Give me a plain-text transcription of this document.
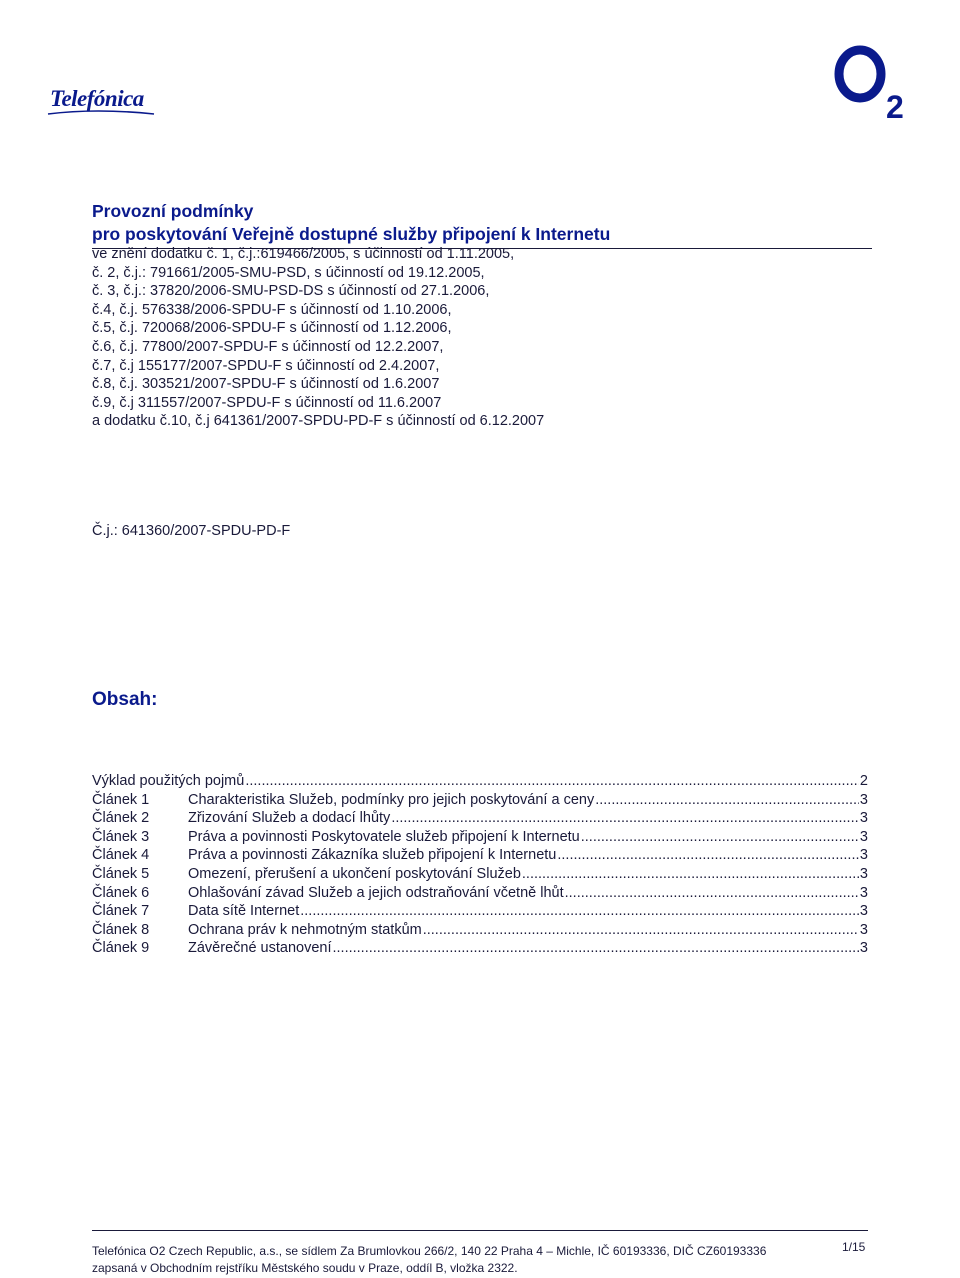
Telefónica	2
Provozní podmínky
pro poskytování Veřejně dostupné služby připojení k Internetu
ve znění dodatku č. 1, č.j.:619466/2005, s účinností od 1.11.2005,
č. 2, č.j.: 791661/2005-SMU-PSD, s účinností od 19.12.2005,
č. 3, č.j.: 37820/2006-SMU-PSD-DS s účinností od 27.1.2006,
č.4, č.j. 576338/2006-SPDU-F s účinností od 1.10.2006,
č.5, č.j. 720068/2006-SPDU-F s účinností od 1.12.2006,
č.6, č.j. 77800/2007-SPDU-F s účinností od 12.2.2007,
č.7, č.j 155177/2007-SPDU-F s účinností od 2.4.2007,
č.8, č.j. 303521/2007-SPDU-F s účinností od 1.6.2007
č.9, č.j 311557/2007-SPDU-F s účinností od 11.6.2007
a dodatku č.10, č.j 641361/2007-SPDU-PD-F s účinností od 6.12.2007
Č.j.: 641360/2007-SPDU-PD-F
Obsah:
Výklad použitých pojmů .....	2
Článek 1	Charakteristika Služeb, podmínky pro jejich poskytování a ceny .....	3
Článek 2	Zřizování Služeb a dodací lhůty .....	3
Článek 3	Práva a povinnosti Poskytovatele služeb připojení k Internetu .....	3
Článek 4	Práva a povinnosti Zákazníka služeb připojení k Internetu .....	3
Článek 5	Omezení, přerušení a ukončení poskytování Služeb .....	3
Článek 6	Ohlašování závad Služeb a jejich odstraňování včetně lhůt .....	3
Článek 7	Data sítě Internet .....	3
Článek 8	Ochrana práv k nehmotným statkům .....	3
Článek 9	Závěrečné ustanovení .....	3
Telefónica O2 Czech Republic, a.s., se sídlem Za Brumlovkou 266/2, 140 22 Praha 4 – Michle, IČ 60193336, DIČ CZ60193336
zapsaná v Obchodním rejstříku Městského soudu v Praze, oddíl B, vložka 2322.
1/15
